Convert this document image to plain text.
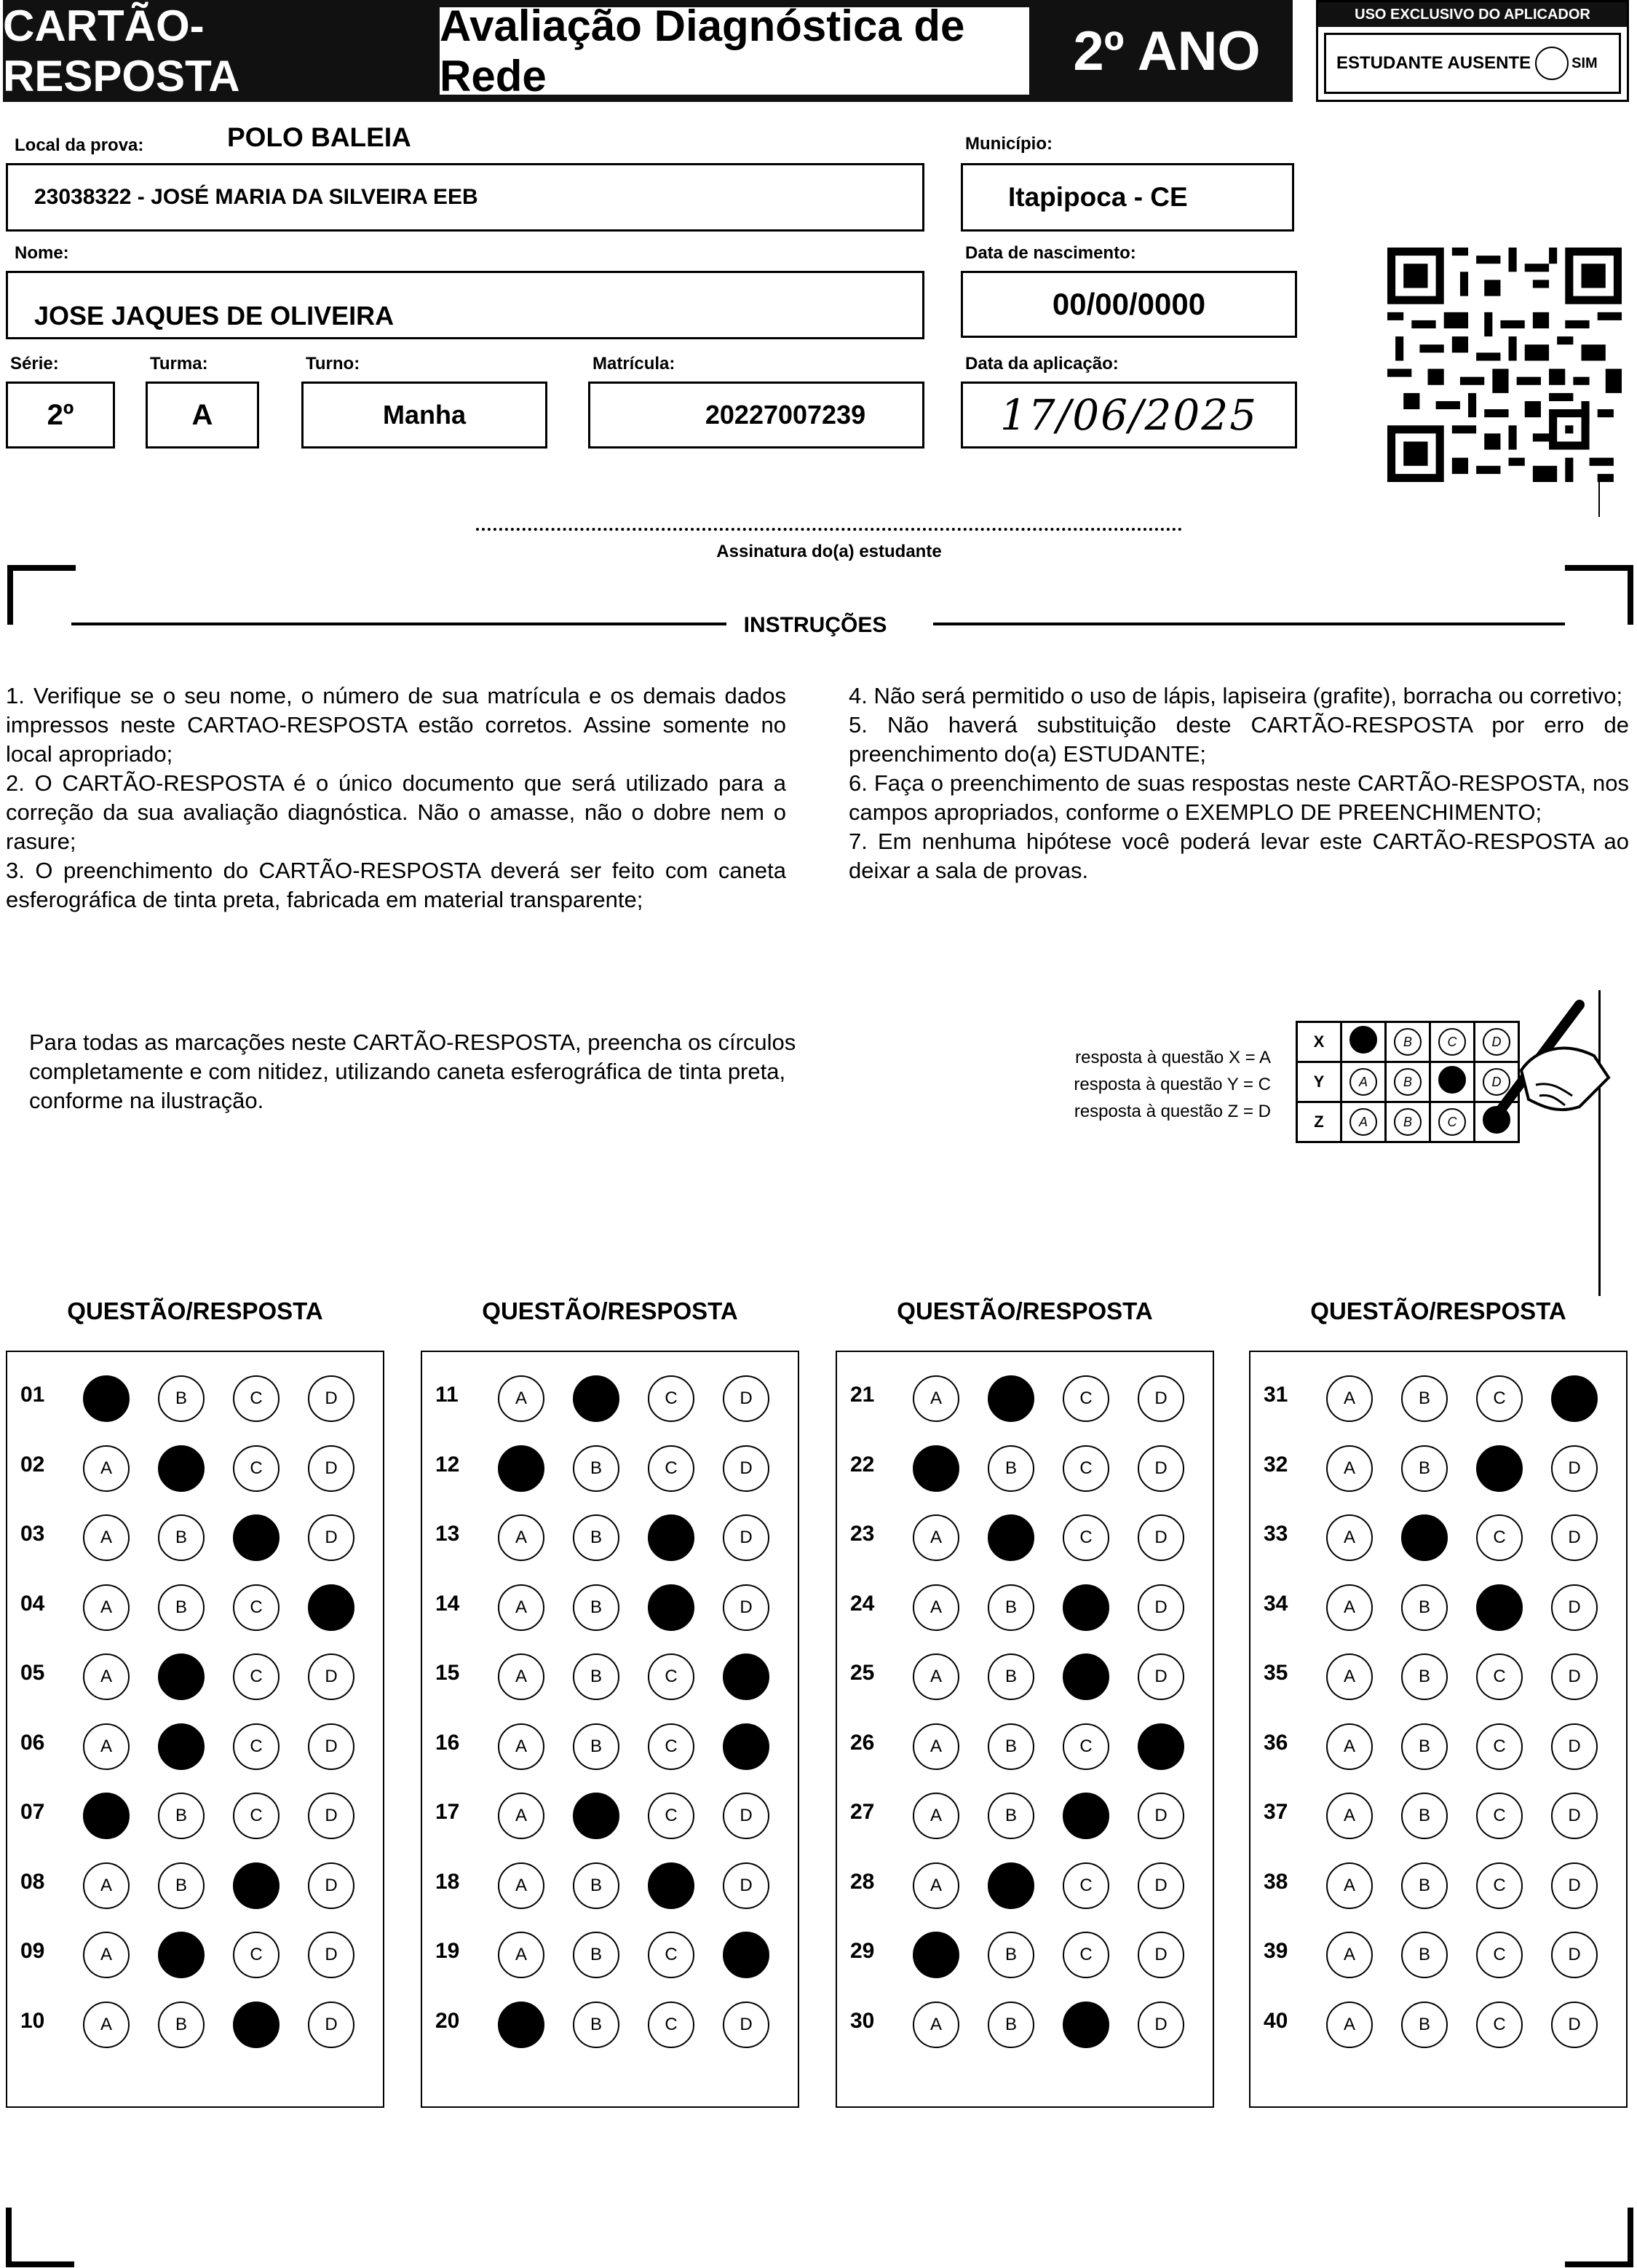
CARTÃO-RESPOSTA
Avaliação Diagnóstica de Rede	2º ANO
USO EXCLUSIVO DO APLICADOR
ESTUDANTE AUSENTE	SIM
Local da prova:	POLO BALEIA
23038322 - JOSÉ MARIA DA SILVEIRA EEB
Município:
Itapipoca - CE
Nome:
JOSE JAQUES DE OLIVEIRA
Data de nascimento:
00/00/0000
Série:
2º
Turma:
A
Turno:
Manha
Matrícula:
20227007239
Data da aplicação:
17/06/2025
Assinatura do(a) estudante
INSTRUÇÕES

1. Verifique se o seu nome, o número de sua matrícula e os demais dados impressos neste CARTAO-RESPOSTA estão corretos. Assine somente no local apropriado;

2. O CARTÃO-RESPOSTA é o único documento que será utilizado para a correção da sua avaliação diagnóstica. Não o amasse, não o dobre nem o rasure;

3. O preenchimento do CARTÃO-RESPOSTA deverá ser feito com caneta esferográfica de tinta preta, fabricada em material transparente;

4. Não será permitido o uso de lápis, lapiseira (grafite), borracha ou corretivo;

5. Não haverá substituição deste CARTÃO-RESPOSTA por erro de preenchimento do(a) ESTUDANTE;

6. Faça o preenchimento de suas respostas neste CARTÃO-RESPOSTA, nos campos apropriados, conforme o EXEMPLO DE PREENCHIMENTO;

7. Em nenhuma hipótese você poderá levar este CARTÃO-RESPOSTA ao deixar a sala de provas.

Para todas as marcações neste CARTÃO-RESPOSTA, preencha os círculos completamente e com nitidez, utilizando caneta esferográfica de tinta preta, conforme na ilustração.
resposta à questão X = A
resposta à questão Y = C
resposta à questão Z = D
X		B	C	D
Y	A	B		D
Z	A	B	C	
QUESTÃO/RESPOSTA	QUESTÃO/RESPOSTA	QUESTÃO/RESPOSTA	QUESTÃO/RESPOSTA
01	A	B	C	D
02	A	B	C	D
03	A	B	C	D
04	A	B	C	D
05	A	B	C	D
06	A	B	C	D
07	A	B	C	D
08	A	B	C	D
09	A	B	C	D
10	A	B	C	D
11	A	B	C	D
12	A	B	C	D
13	A	B	C	D
14	A	B	C	D
15	A	B	C	D
16	A	B	C	D
17	A	B	C	D
18	A	B	C	D
19	A	B	C	D
20	A	B	C	D
21	A	B	C	D
22	A	B	C	D
23	A	B	C	D
24	A	B	C	D
25	A	B	C	D
26	A	B	C	D
27	A	B	C	D
28	A	B	C	D
29	A	B	C	D
30	A	B	C	D
31	A	B	C	D
32	A	B	C	D
33	A	B	C	D
34	A	B	C	D
35	A	B	C	D
36	A	B	C	D
37	A	B	C	D
38	A	B	C	D
39	A	B	C	D
40	A	B	C	D
